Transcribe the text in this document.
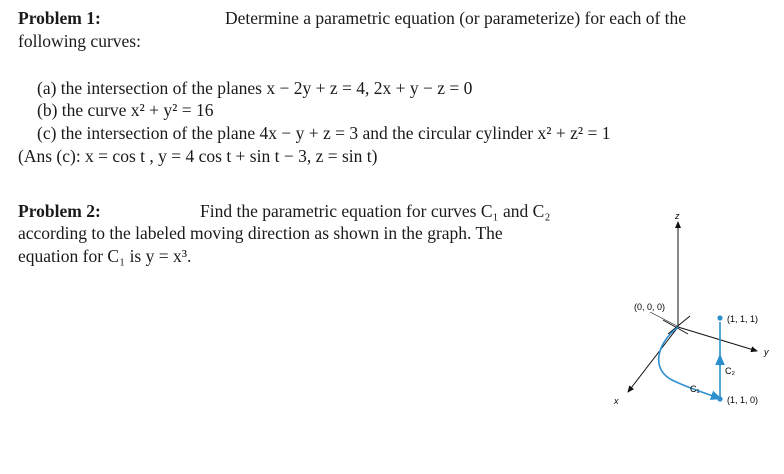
Problem 1:	Determine a parametric equation (or parameterize) for each of the
following curves:
(a) the intersection of the planes x − 2y + z = 4, 2x + y − z = 0
(b) the curve x² + y² = 16
(c) the intersection of the plane 4x − y + z = 3 and the circular cylinder x² + z² = 1
(Ans (c): x = cos t , y = 4 cos t + sin t − 3, z = sin t)
Problem 2:	Find the parametric equation for curves C₁ and C₂
according to the labeled moving direction as shown in the graph. The
equation for C₁ is y = x³.
z
y
x
(0, 0, 0)
C₁
C₂
(1, 1, 1)
(1, 1, 0)
